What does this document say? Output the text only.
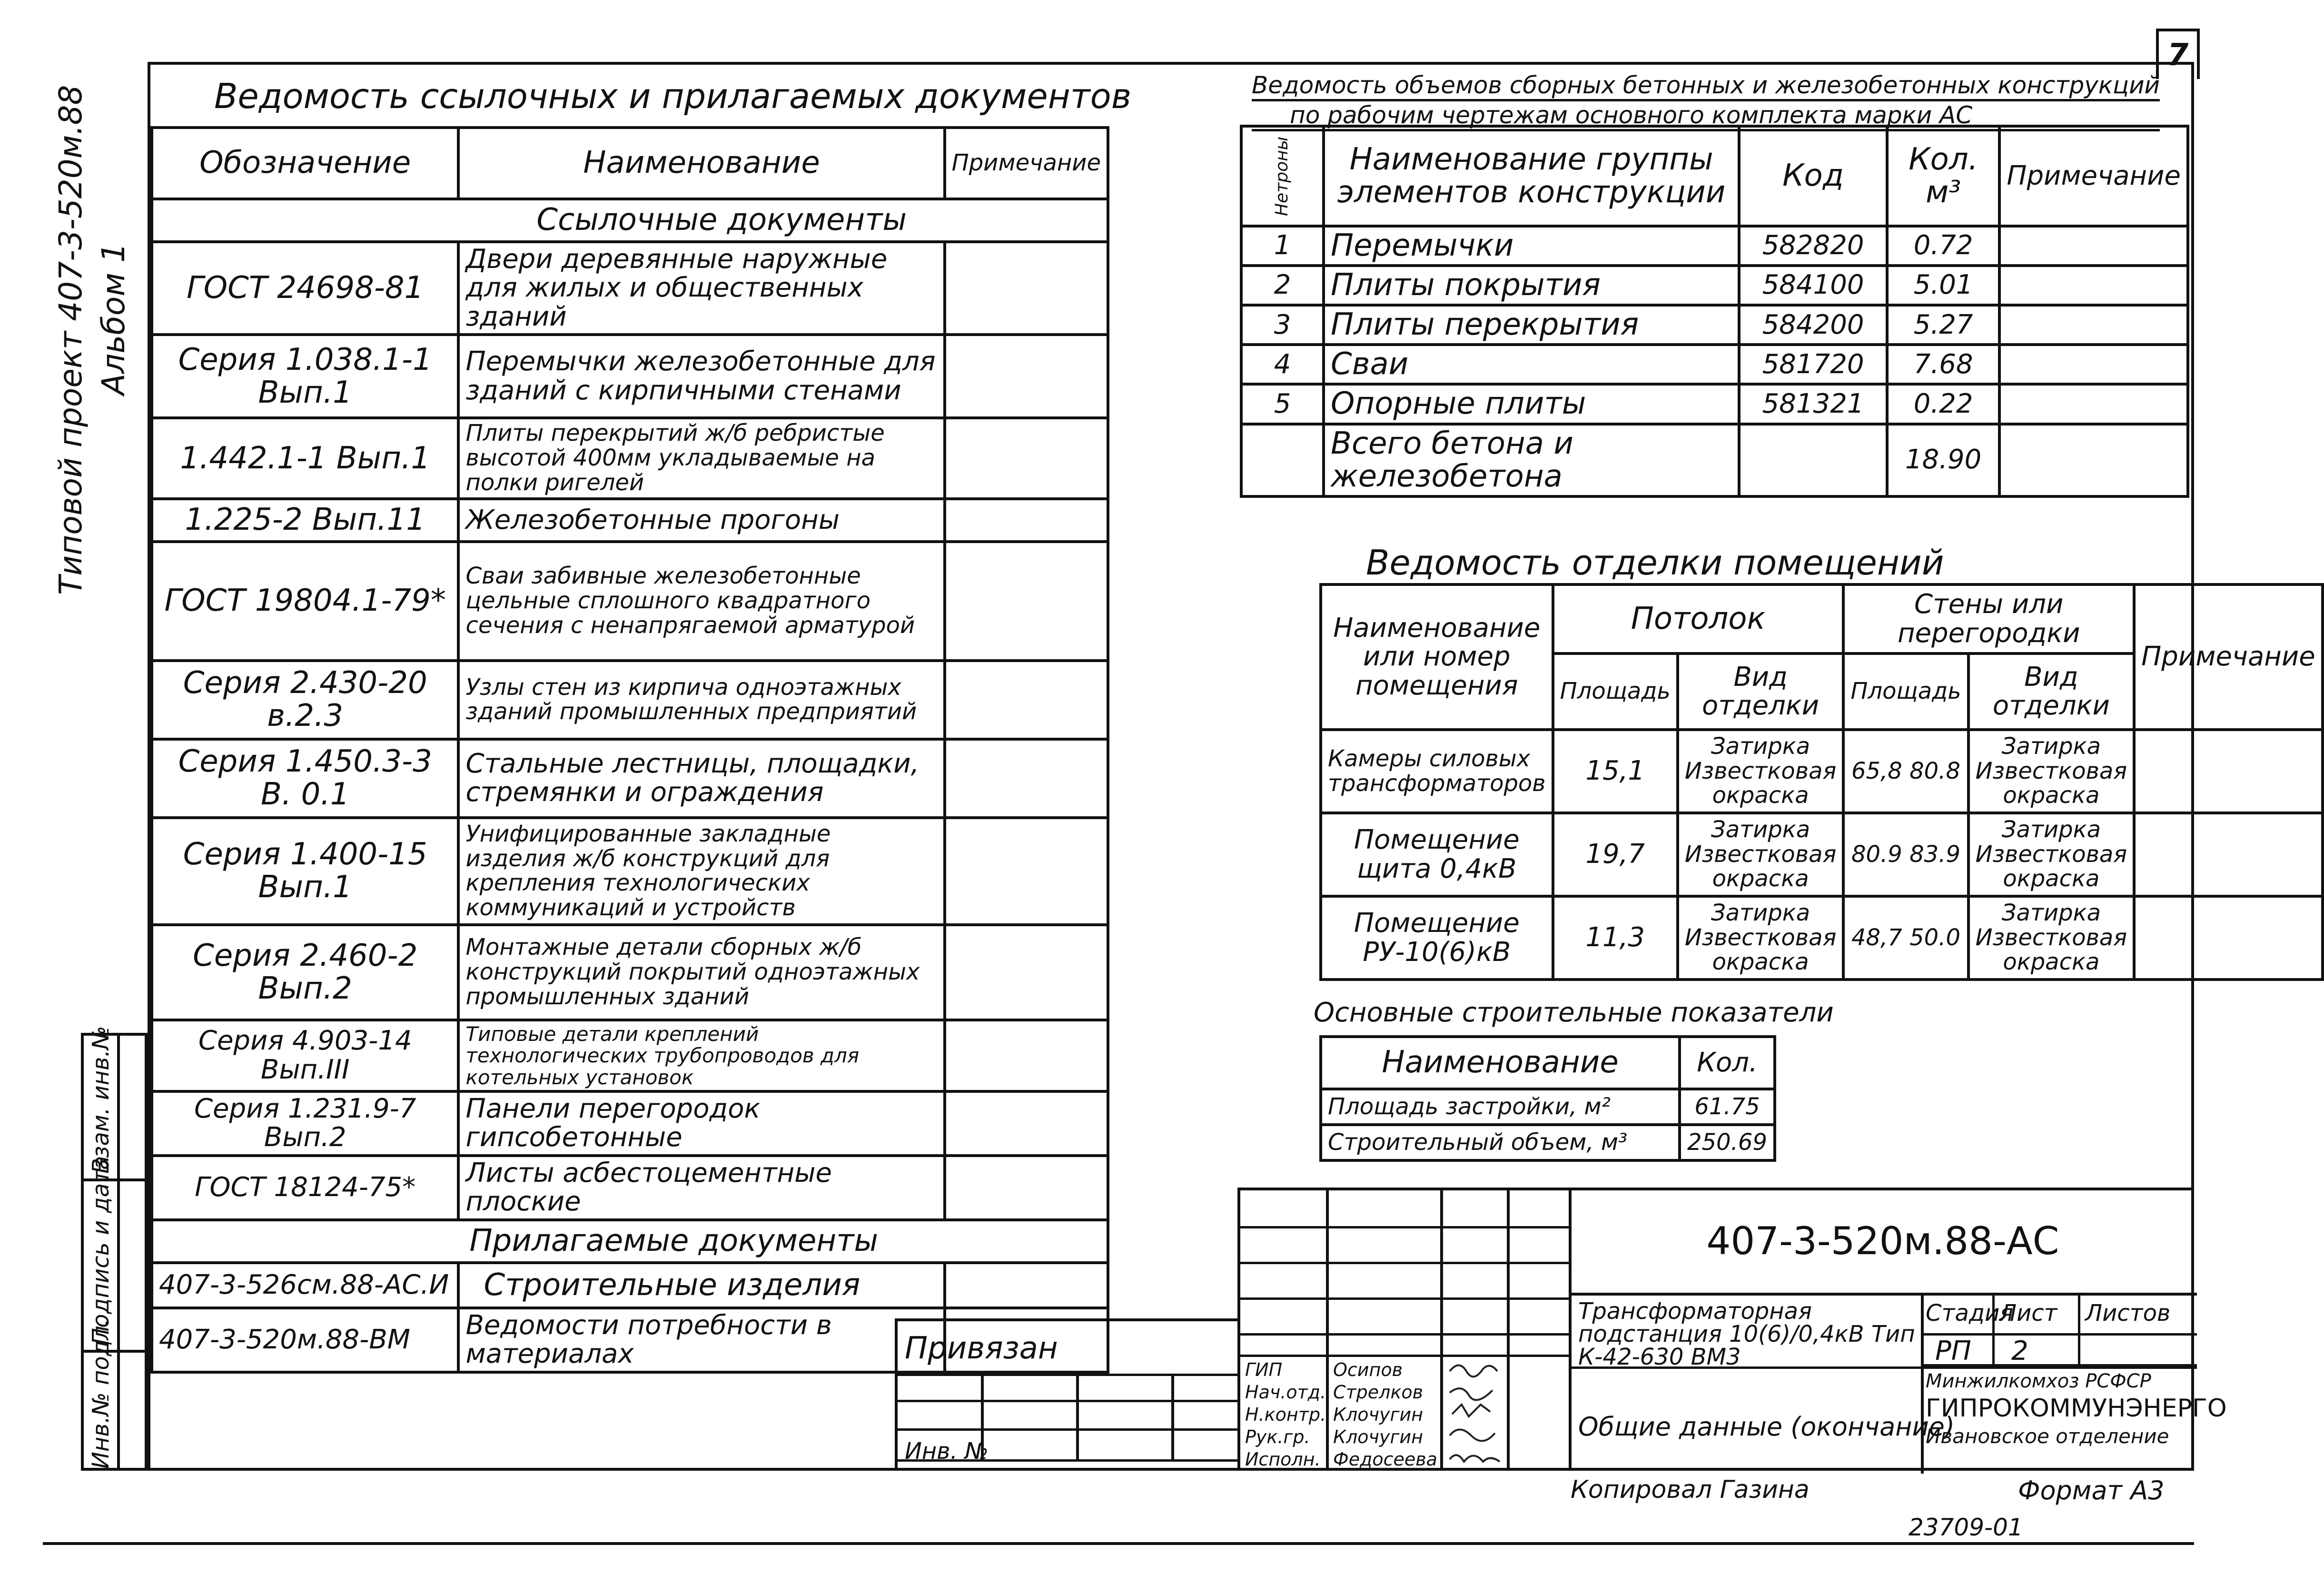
7
Типовой проект 407-3-520м.88 Альбом 1
Инв.№ подл.
Подпись и дата
Взам. инв.№
Ведомость ссылочных и прилагаемых документов
Обозначение	Наименование	Примечание
Ссылочные документы		
ГОСТ 24698-81	Двери деревянные наружные для жилых и общественных зданий	
Серия 1.038.1-1 Вып.1	Перемычки железобетонные для зданий с кирпичными стенами	
1.442.1-1 Вып.1	Плиты перекрытий ж/б ребристые высотой 400мм укладываемые на полки ригелей	
1.225-2 Вып.11	Железобетонные прогоны	
ГОСТ 19804.1-79*	Сваи забивные железобетонные цельные сплошного квадратного сечения с ненапрягаемой арматурой	
Серия 2.430-20 в.2.3	Узлы стен из кирпича одноэтажных зданий промышленных предприятий	
Серия 1.450.3-3 В. 0.1	Стальные лестницы, площадки, стремянки и ограждения	
Серия 1.400-15 Вып.1	Унифицированные закладные изделия ж/б конструкций для крепления технологических коммуникаций и устройств	
Серия 2.460-2 Вып.2	Монтажные детали сборных ж/б конструкций покрытий одноэтажных промышленных зданий	
Серия 4.903-14 Вып.III	Типовые детали креплений технологических трубопроводов для котельных установок	
Серия 1.231.9-7 Вып.2	Панели перегородок гипсобетонные	
ГОСТ 18124-75*	Листы асбестоцементные плоские	
Прилагаемые документы		
407-3-526см.88-АС.И	Строительные изделия	
407-3-520м.88-ВМ	Ведомости потребности в материалах	
Ведомость объемов сборных бетонных и железобетонных конструкций
по рабочим чертежам основного комплекта марки АС
Нетроны	Наименование группы элементов конструкции	Код	Кол. м³	Примечание
1	Перемычки	582820	0.72	
2	Плиты покрытия	584100	5.01	
3	Плиты перекрытия	584200	5.27	
4	Сваи	581720	7.68	
5	Опорные плиты	581321	0.22	
	Всего бетона и железобетона		18.90	
Ведомость отделки помещений
Наименование или номер помещения	Потолок		Стены или перегородки		Примечание
	Площадь	Вид отделки	Площадь	Вид отделки	
Камеры силовых трансформаторов	15,1	Затирка Известковая окраска	65,8 80.8	Затирка Известковая окраска	
Помещение щита 0,4кВ	19,7	Затирка Известковая окраска	80.9 83.9	Затирка Известковая окраска	
Помещение РУ-10(6)кВ	11,3	Затирка Известковая окраска	48,7 50.0	Затирка Известковая окраска	
Основные строительные показатели
Наименование	Кол.
Площадь застройки, м²	61.75
Строительный объем, м³	250.69
407-3-520м.88-АС
Трансформаторная подстанция 10(6)/0,4кВ Тип К-42-630 ВМ3
Общие данные (окончание)
Стадия
Лист Листов
РП 2
Минжилкомхоз РСФСР
ГИПРОКОММУНЭНЕРГО
Ивановское отделение
ГИП	Осипов
Нач.отд. Стрелков
Н.контр. Клочугин
Рук.гр. Клочугин
Исполн. Федосеева
Привязан
Инв. №
Копировал Газина	Формат А3
23709-01
